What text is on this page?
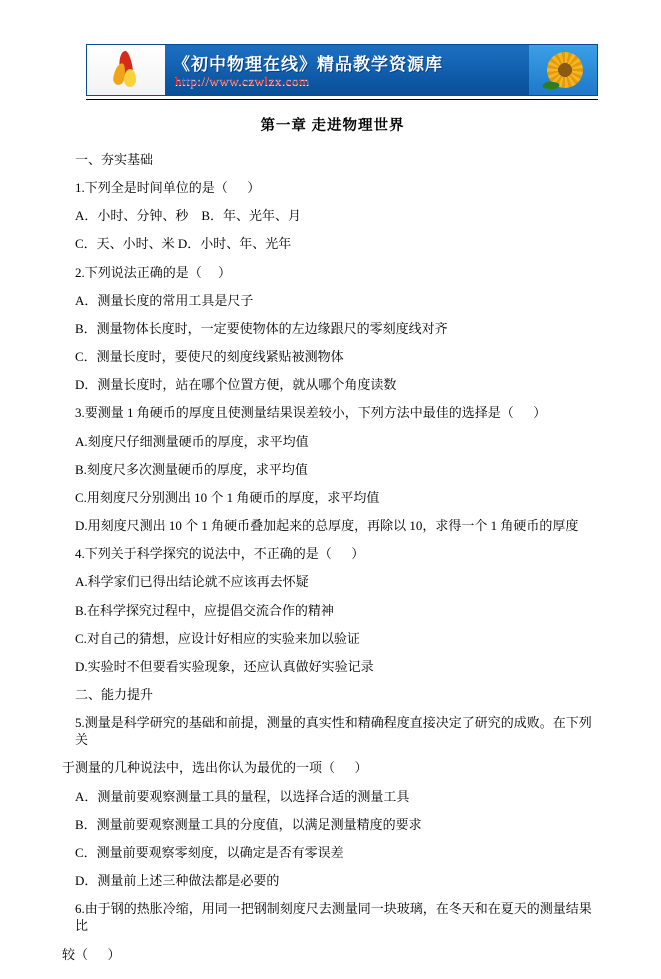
《初中物理在线》精品教学资源库
http://www.czwlzx.com
第一章 走进物理世界

一、夯实基础

1.下列全是时间单位的是（      ）

A．小时、分钟、秒    B．年、光年、月

C．天、小时、米 D．小时、年、光年

2.下列说法正确的是（     ）

A．测量长度的常用工具是尺子

B．测量物体长度时，一定要使物体的左边缘跟尺的零刻度线对齐

C．测量长度时，要使尺的刻度线紧贴被测物体

D．测量长度时，站在哪个位置方便，就从哪个角度读数

3.要测量 1 角硬币的厚度且使测量结果误差较小，下列方法中最佳的选择是（      ）

A.刻度尺仔细测量硬币的厚度，求平均值

B.刻度尺多次测量硬币的厚度，求平均值

C.用刻度尺分别测出 10 个 1 角硬币的厚度，求平均值

D.用刻度尺测出 10 个 1 角硬币叠加起来的总厚度，再除以 10，求得一个 1 角硬币的厚度

4.下列关于科学探究的说法中，不正确的是（      ）

A.科学家们已得出结论就不应该再去怀疑

B.在科学探究过程中，应提倡交流合作的精神

C.对自己的猜想，应设计好相应的实验来加以验证

D.实验时不但要看实验现象，还应认真做好实验记录

二、能力提升

5.测量是科学研究的基础和前提，测量的真实性和精确程度直接决定了研究的成败。在下列关

于测量的几种说法中，选出你认为最优的一项（      ）

A．测量前要观察测量工具的量程，以选择合适的测量工具

B．测量前要观察测量工具的分度值，以满足测量精度的要求

C．测量前要观察零刻度，以确定是否有零误差

D．测量前上述三种做法都是必要的

6.由于钢的热胀冷缩，用同一把钢制刻度尺去测量同一块玻璃，在冬天和在夏天的测量结果比

较（      ）
